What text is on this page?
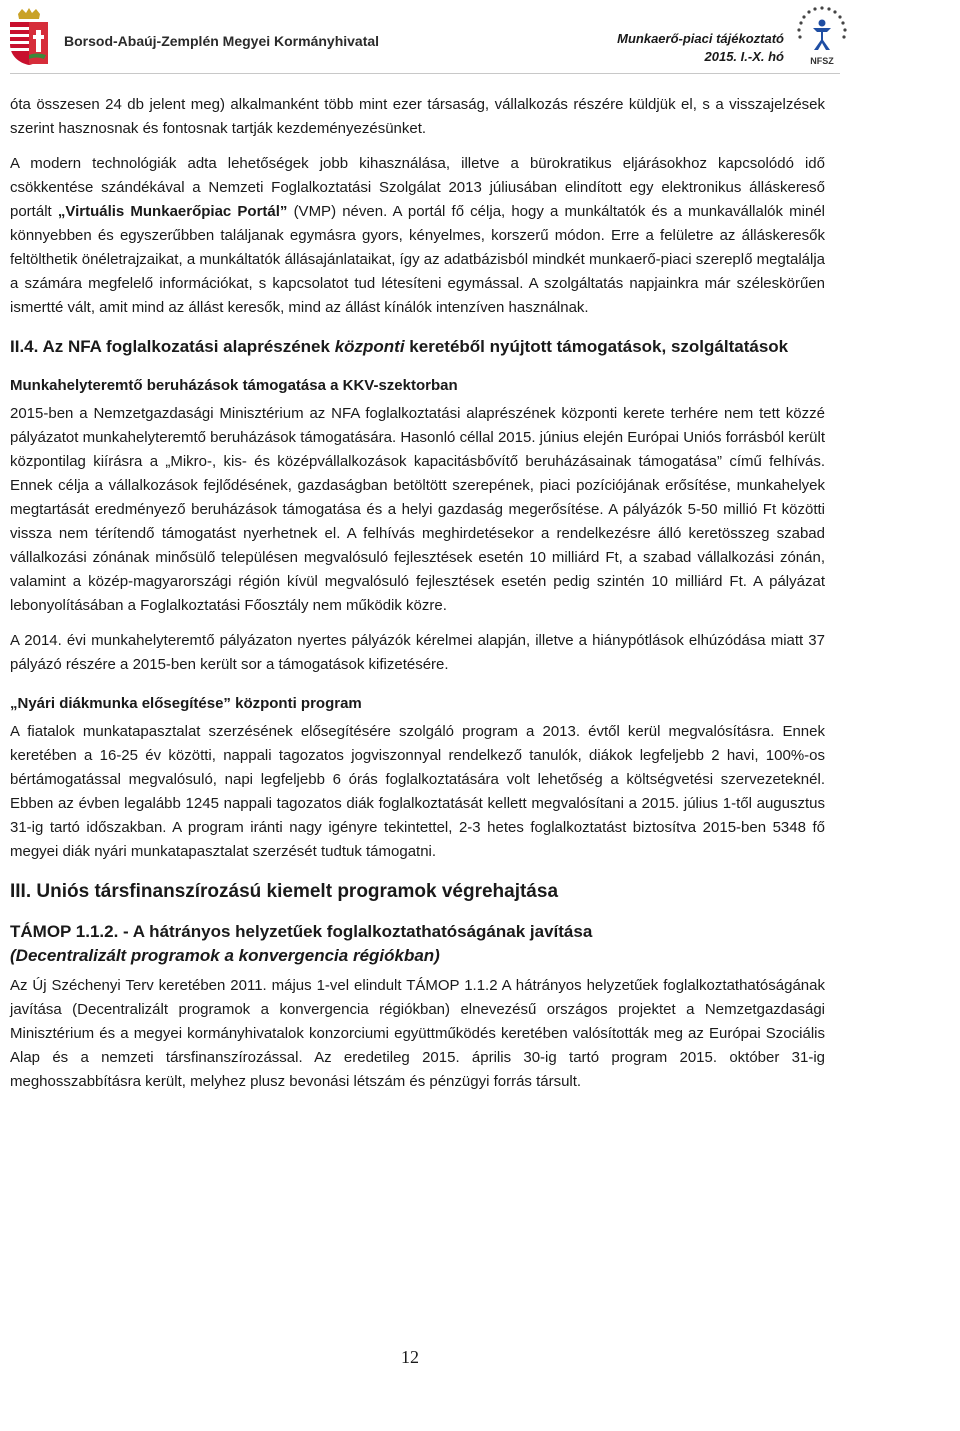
Borsod-Abaúj-Zemplén Megyei Kormányhivatal	Munkaerő-piaci tájékoztató
2015. I.-X. hó	NFSZ

óta összesen 24 db jelent meg) alkalmanként több mint ezer társaság, vállalkozás részére küldjük el, s a visszajelzések szerint hasznosnak és fontosnak tartják kezdeményezésünket.

A modern technológiák adta lehetőségek jobb kihasználása, illetve a bürokratikus eljárásokhoz kapcsolódó idő csökkentése szándékával a Nemzeti Foglalkoztatási Szolgálat 2013 júliusában elindított egy elektronikus álláskereső portált „Virtuális Munkaerőpiac Portál” (VMP) néven. A portál fő célja, hogy a munkáltatók és a munkavállalók minél könnyebben és egyszerűbben találjanak egymásra gyors, kényelmes, korszerű módon. Erre a felületre az álláskeresők feltölthetik önéletrajzaikat, a munkáltatók állásajánlataikat, így az adatbázisból mindkét munkaerő-piaci szereplő megtalálja a számára megfelelő információkat, s kapcsolatot tud létesíteni egymással. A szolgáltatás napjainkra már széleskörűen ismertté vált, amit mind az állást keresők, mind az állást kínálók intenzíven használnak.

II.4. Az NFA foglalkozatási alaprészének központi keretéből nyújtott támogatások, szolgáltatások
Munkahelyteremtő beruházások támogatása a KKV-szektorban

2015-ben a Nemzetgazdasági Minisztérium az NFA foglalkoztatási alaprészének központi kerete terhére nem tett közzé pályázatot munkahelyteremtő beruházások támogatására. Hasonló céllal 2015. június elején Európai Uniós forrásból került központilag kiírásra a „Mikro-, kis- és középvállalkozások kapacitásbővítő beruházásainak támogatása” című felhívás. Ennek célja a vállalkozások fejlődésének, gazdaságban betöltött szerepének, piaci pozíciójának erősítése, munkahelyek megtartását eredményező beruházások támogatása és a helyi gazdaság megerősítése. A pályázók 5-50 millió Ft közötti vissza nem térítendő támogatást nyerhetnek el. A felhívás meghirdetésekor a rendelkezésre álló keretösszeg szabad vállalkozási zónának minősülő településen megvalósuló fejlesztések esetén 10 milliárd Ft, a szabad vállalkozási zónán, valamint a közép-magyarországi régión kívül megvalósuló fejlesztések esetén pedig szintén 10 milliárd Ft. A pályázat lebonyolításában a Foglalkoztatási Főosztály nem működik közre.

A 2014. évi munkahelyteremtő pályázaton nyertes pályázók kérelmei alapján, illetve a hiánypótlások elhúzódása miatt 37 pályázó részére a 2015-ben került sor a támogatások kifizetésére.

„Nyári diákmunka elősegítése” központi program

A fiatalok munkatapasztalat szerzésének elősegítésére szolgáló program a 2013. évtől kerül megvalósításra. Ennek keretében a 16-25 év közötti, nappali tagozatos jogviszonnyal rendelkező tanulók, diákok legfeljebb 2 havi, 100%-os bértámogatással megvalósuló, napi legfeljebb 6 órás foglalkoztatására volt lehetőség a költségvetési szervezeteknél. Ebben az évben legalább 1245 nappali tagozatos diák foglalkoztatását kellett megvalósítani a 2015. július 1-től augusztus 31-ig tartó időszakban. A program iránti nagy igényre tekintettel, 2-3 hetes foglalkoztatást biztosítva 2015-ben 5348 fő megyei diák nyári munkatapasztalat szerzését tudtuk támogatni.

III. Uniós társfinanszírozású kiemelt programok végrehajtása
TÁMOP 1.1.2. - A hátrányos helyzetűek foglalkoztathatóságának javítása
(Decentralizált programok a konvergencia régiókban)

Az Új Széchenyi Terv keretében 2011. május 1-vel elindult TÁMOP 1.1.2 A hátrányos helyzetűek foglalkoztathatóságának javítása (Decentralizált programok a konvergencia régiókban) elnevezésű országos projektet a Nemzetgazdasági Minisztérium és a megyei kormányhivatalok konzorciumi együttműködés keretében valósították meg az Európai Szociális Alap és a nemzeti társfinanszírozással. Az eredetileg 2015. április 30-ig tartó program 2015. október 31-ig meghosszabbításra került, melyhez plusz bevonási létszám és pénzügyi forrás társult.

12
